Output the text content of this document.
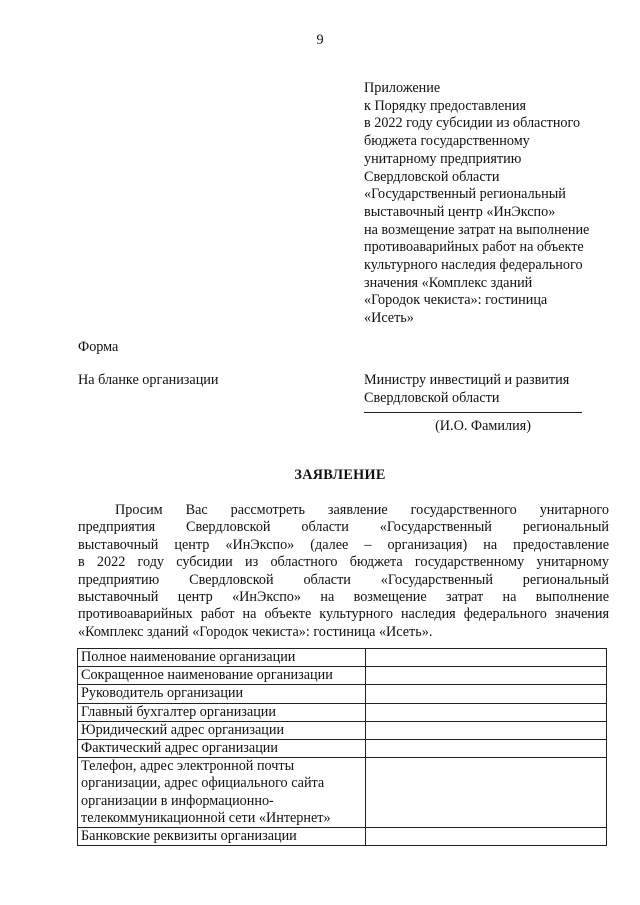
9
Приложение
к Порядку предоставления
в 2022 году субсидии из областного
бюджета государственному
унитарному предприятию
Свердловской области
«Государственный региональный
выставочный центр «ИнЭкспо»
на возмещение затрат на выполнение
противоаварийных работ на объекте
культурного наследия федерального
значения «Комплекс зданий
«Городок чекиста»: гостиница
«Исеть»
Форма
На бланке организации	Министру инвестиций и развития
Свердловской области
(И.О. Фамилия)
ЗАЯВЛЕНИЕ
Просим Вас рассмотреть заявление государственного унитарного
предприятия Свердловской области «Государственный региональный
выставочный центр «ИнЭкспо» (далее – организация) на предоставление
в 2022 году субсидии из областного бюджета государственному унитарному
предприятию Свердловской области «Государственный региональный
выставочный центр «ИнЭкспо» на возмещение затрат на выполнение
противоаварийных работ на объекте культурного наследия федерального значения
«Комплекс зданий «Городок чекиста»: гостиница «Исеть».
Полное наименование организации	
Сокращенное наименование организации	
Руководитель организации	
Главный бухгалтер организации	
Юридический адрес организации	
Фактический адрес организации	

Телефон, адрес электронной почты
организации, адрес официального сайта
организации в информационно-
телекоммуникационной сети «Интернет»	

Банковские реквизиты организации	
